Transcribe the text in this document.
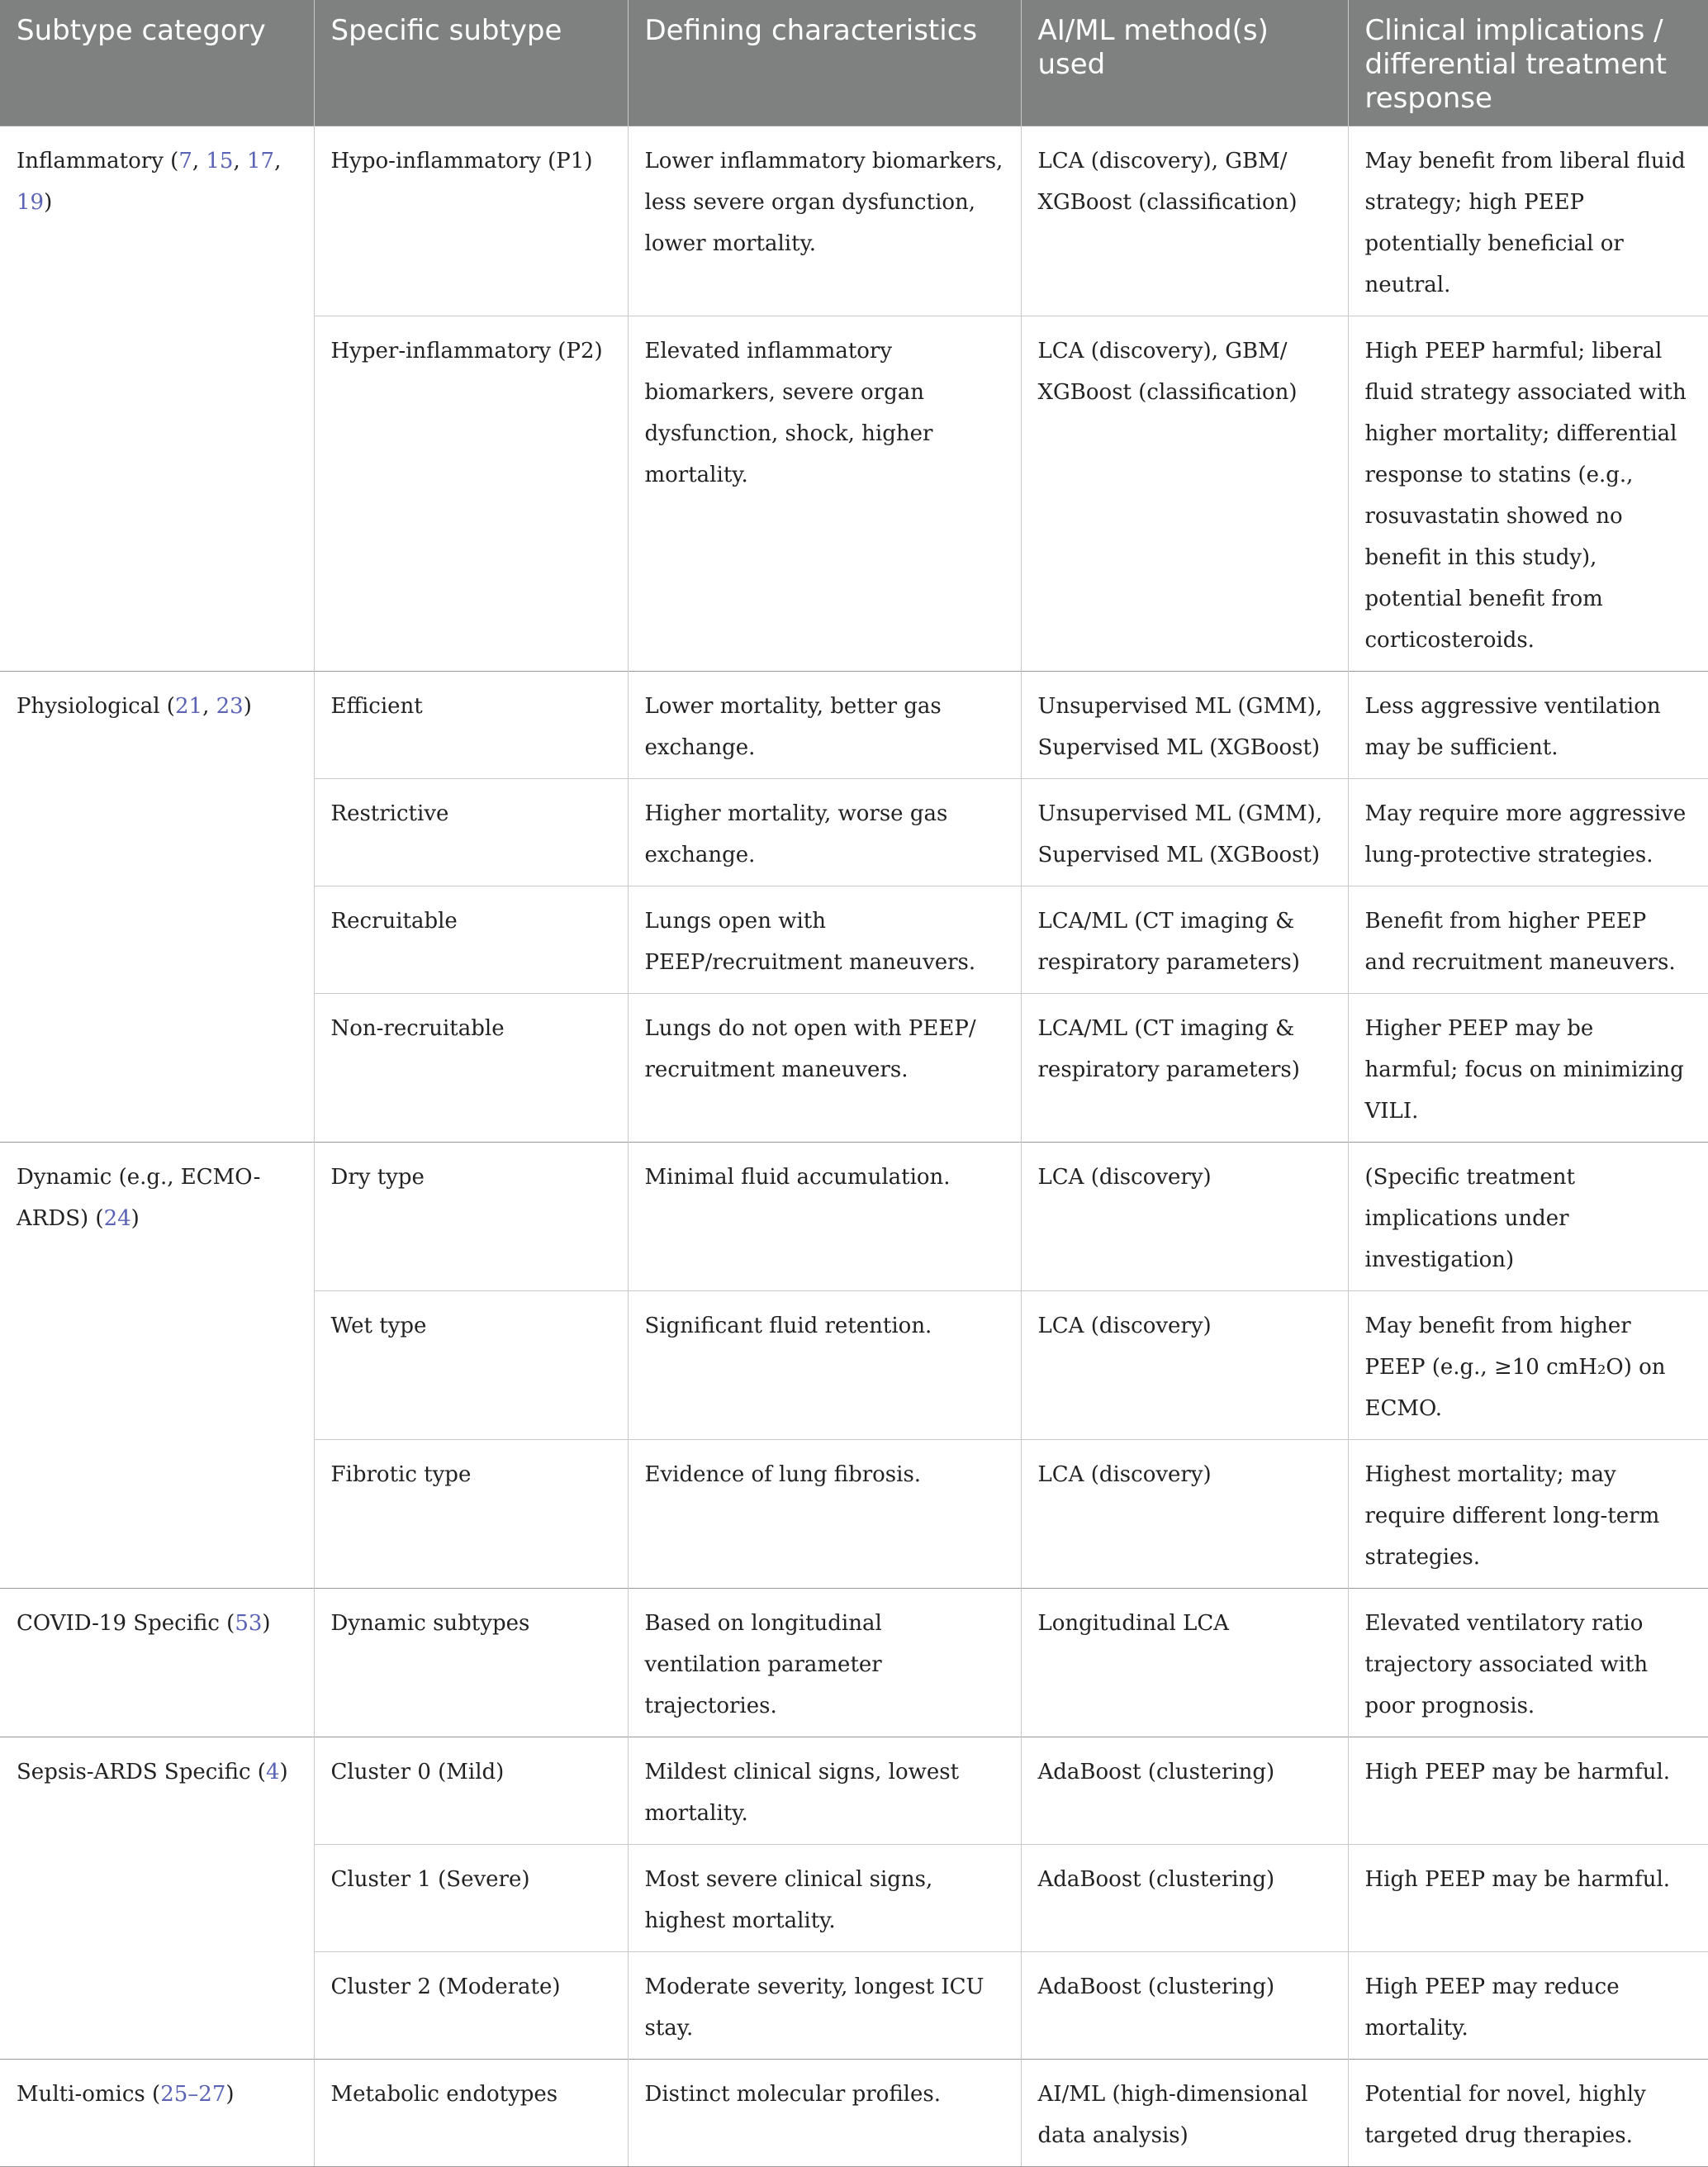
Subtype category	Specific subtype	Defining characteristics	AI/ML method(s) used	Clinical implications / differential treatment response
Inflammatory (7, 15, 17, 19)	Hypo-inflammatory (P1)	Lower inflammatory biomarkers, less severe organ dysfunction, lower mortality.	LCA (discovery), GBM/ XGBoost (classification)	May benefit from liberal fluid strategy; high PEEP potentially beneficial or neutral.
	Hyper-inflammatory (P2)	Elevated inflammatory biomarkers, severe organ dysfunction, shock, higher mortality.	LCA (discovery), GBM/ XGBoost (classification)	High PEEP harmful; liberal fluid strategy associated with higher mortality; differential response to statins (e.g., rosuvastatin showed no benefit in this study), potential benefit from corticosteroids.
Physiological (21, 23)	Efficient	Lower mortality, better gas exchange.	Unsupervised ML (GMM), Supervised ML (XGBoost)	Less aggressive ventilation may be sufficient.
	Restrictive	Higher mortality, worse gas exchange.	Unsupervised ML (GMM), Supervised ML (XGBoost)	May require more aggressive lung-protective strategies.
	Recruitable	Lungs open with PEEP/recruitment maneuvers.	LCA/ML (CT imaging & respiratory parameters)	Benefit from higher PEEP and recruitment maneuvers.
	Non-recruitable	Lungs do not open with PEEP/ recruitment maneuvers.	LCA/ML (CT imaging & respiratory parameters)	Higher PEEP may be harmful; focus on minimizing VILI.
Dynamic (e.g., ECMO-ARDS) (24)	Dry type	Minimal fluid accumulation.	LCA (discovery)	(Specific treatment implications under investigation)
	Wet type	Significant fluid retention.	LCA (discovery)	May benefit from higher PEEP (e.g., ≥10 cmH₂O) on ECMO.
	Fibrotic type	Evidence of lung fibrosis.	LCA (discovery)	Highest mortality; may require different long-term strategies.
COVID-19 Specific (53)	Dynamic subtypes	Based on longitudinal ventilation parameter trajectories.	Longitudinal LCA	Elevated ventilatory ratio trajectory associated with poor prognosis.
Sepsis-ARDS Specific (4)	Cluster 0 (Mild)	Mildest clinical signs, lowest mortality.	AdaBoost (clustering)	High PEEP may be harmful.
	Cluster 1 (Severe)	Most severe clinical signs, highest mortality.	AdaBoost (clustering)	High PEEP may be harmful.
	Cluster 2 (Moderate)	Moderate severity, longest ICU stay.	AdaBoost (clustering)	High PEEP may reduce mortality.
Multi-omics (25–27)	Metabolic endotypes	Distinct molecular profiles.	AI/ML (high-dimensional data analysis)	Potential for novel, highly targeted drug therapies.
